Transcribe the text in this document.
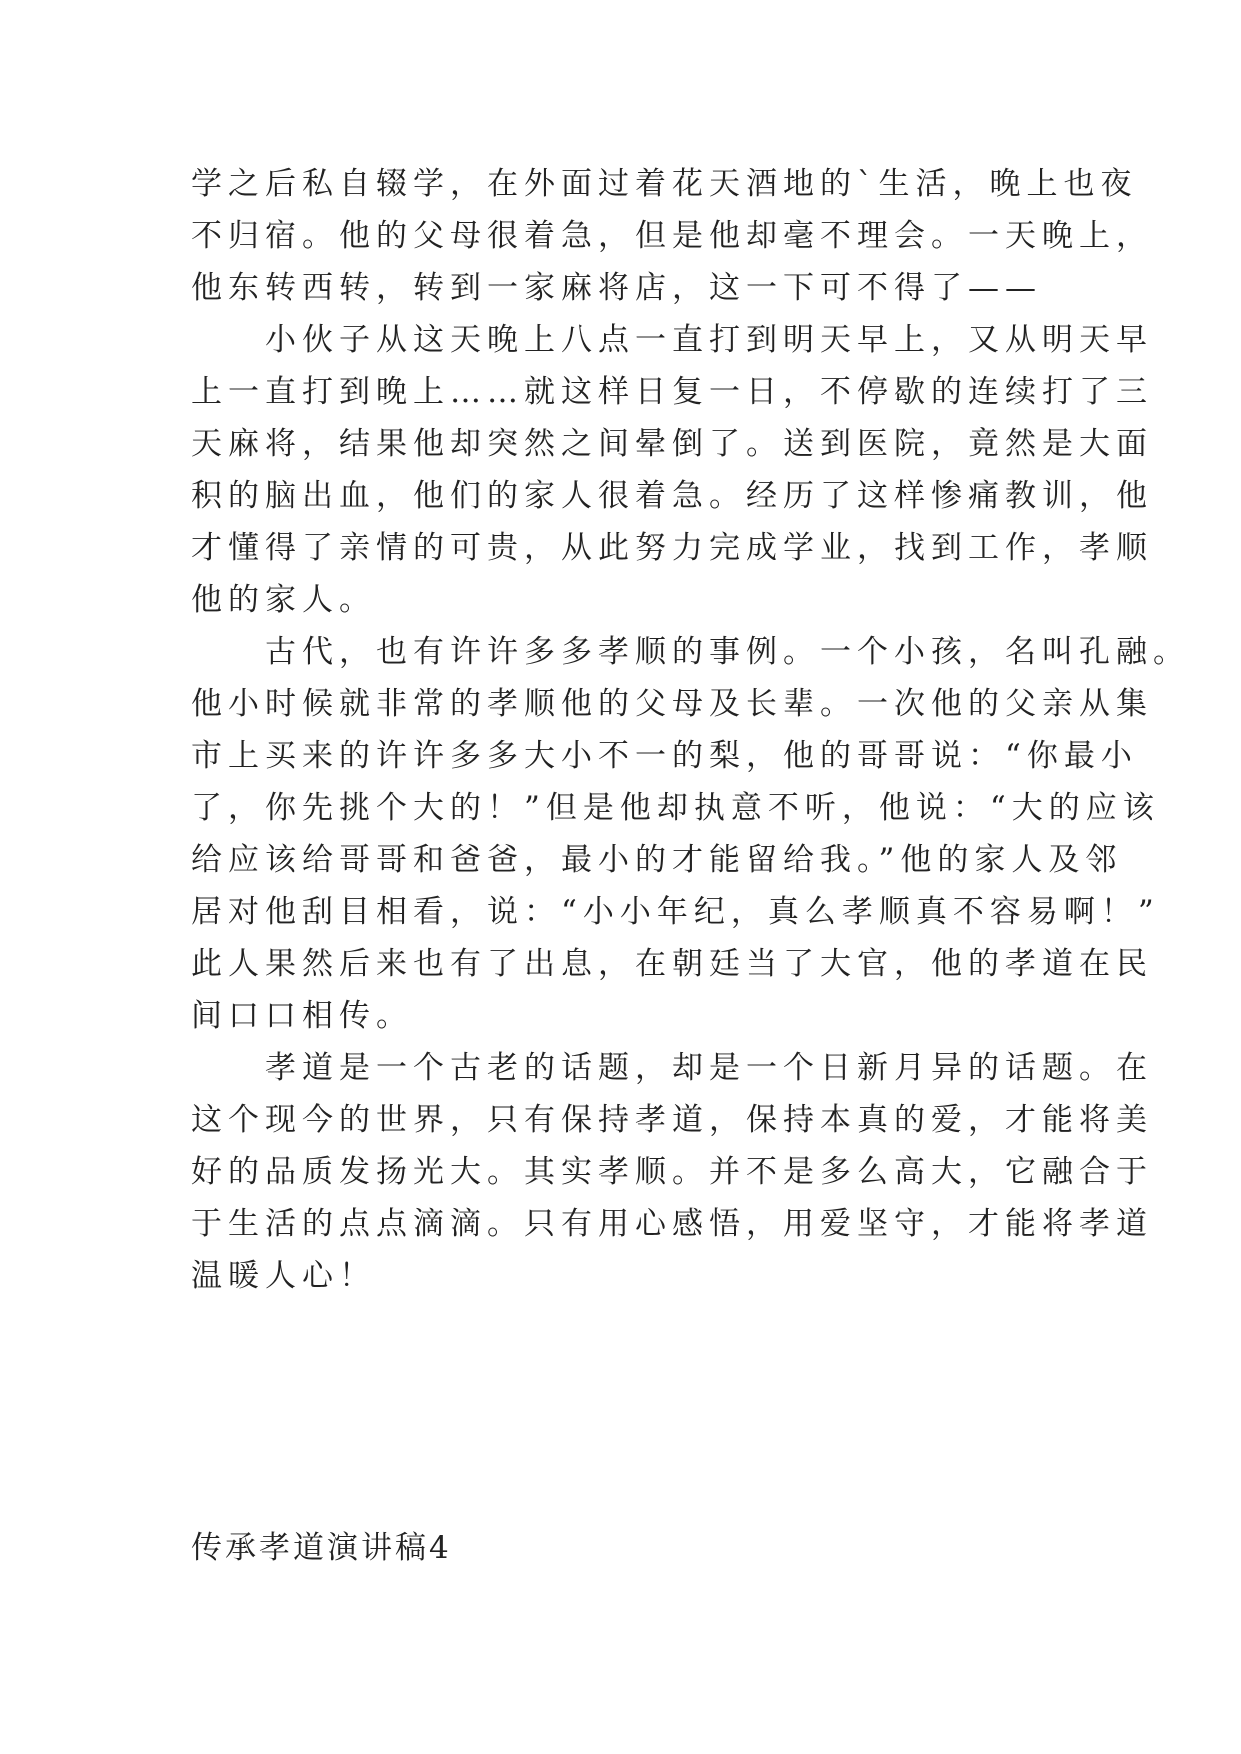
学之后私自辍学，在外面过着花天酒地的`生活，晚上也夜
不归宿。他的父母很着急，但是他却毫不理会。一天晚上，
他东转西转，转到一家麻将店，这一下可不得了——

小伙子从这天晚上八点一直打到明天早上，又从明天早
上一直打到晚上……就这样日复一日，不停歇的连续打了三
天麻将，结果他却突然之间晕倒了。送到医院，竟然是大面
积的脑出血，他们的家人很着急。经历了这样惨痛教训，他
才懂得了亲情的可贵，从此努力完成学业，找到工作，孝顺
他的家人。

古代，也有许许多多孝顺的事例。一个小孩，名叫孔融。
他小时候就非常的孝顺他的父母及长辈。一次他的父亲从集
市上买来的许许多多大小不一的梨，他的哥哥说：“你最小
了，你先挑个大的！”但是他却执意不听，他说：“大的应该
给应该给哥哥和爸爸，最小的才能留给我。”他的家人及邻
居对他刮目相看，说：“小小年纪，真么孝顺真不容易啊！”
此人果然后来也有了出息，在朝廷当了大官，他的孝道在民
间口口相传。

孝道是一个古老的话题，却是一个日新月异的话题。在
这个现今的世界，只有保持孝道，保持本真的爱，才能将美
好的品质发扬光大。其实孝顺。并不是多么高大，它融合于
于生活的点点滴滴。只有用心感悟，用爱坚守，才能将孝道
温暖人心！

传承孝道演讲稿4
